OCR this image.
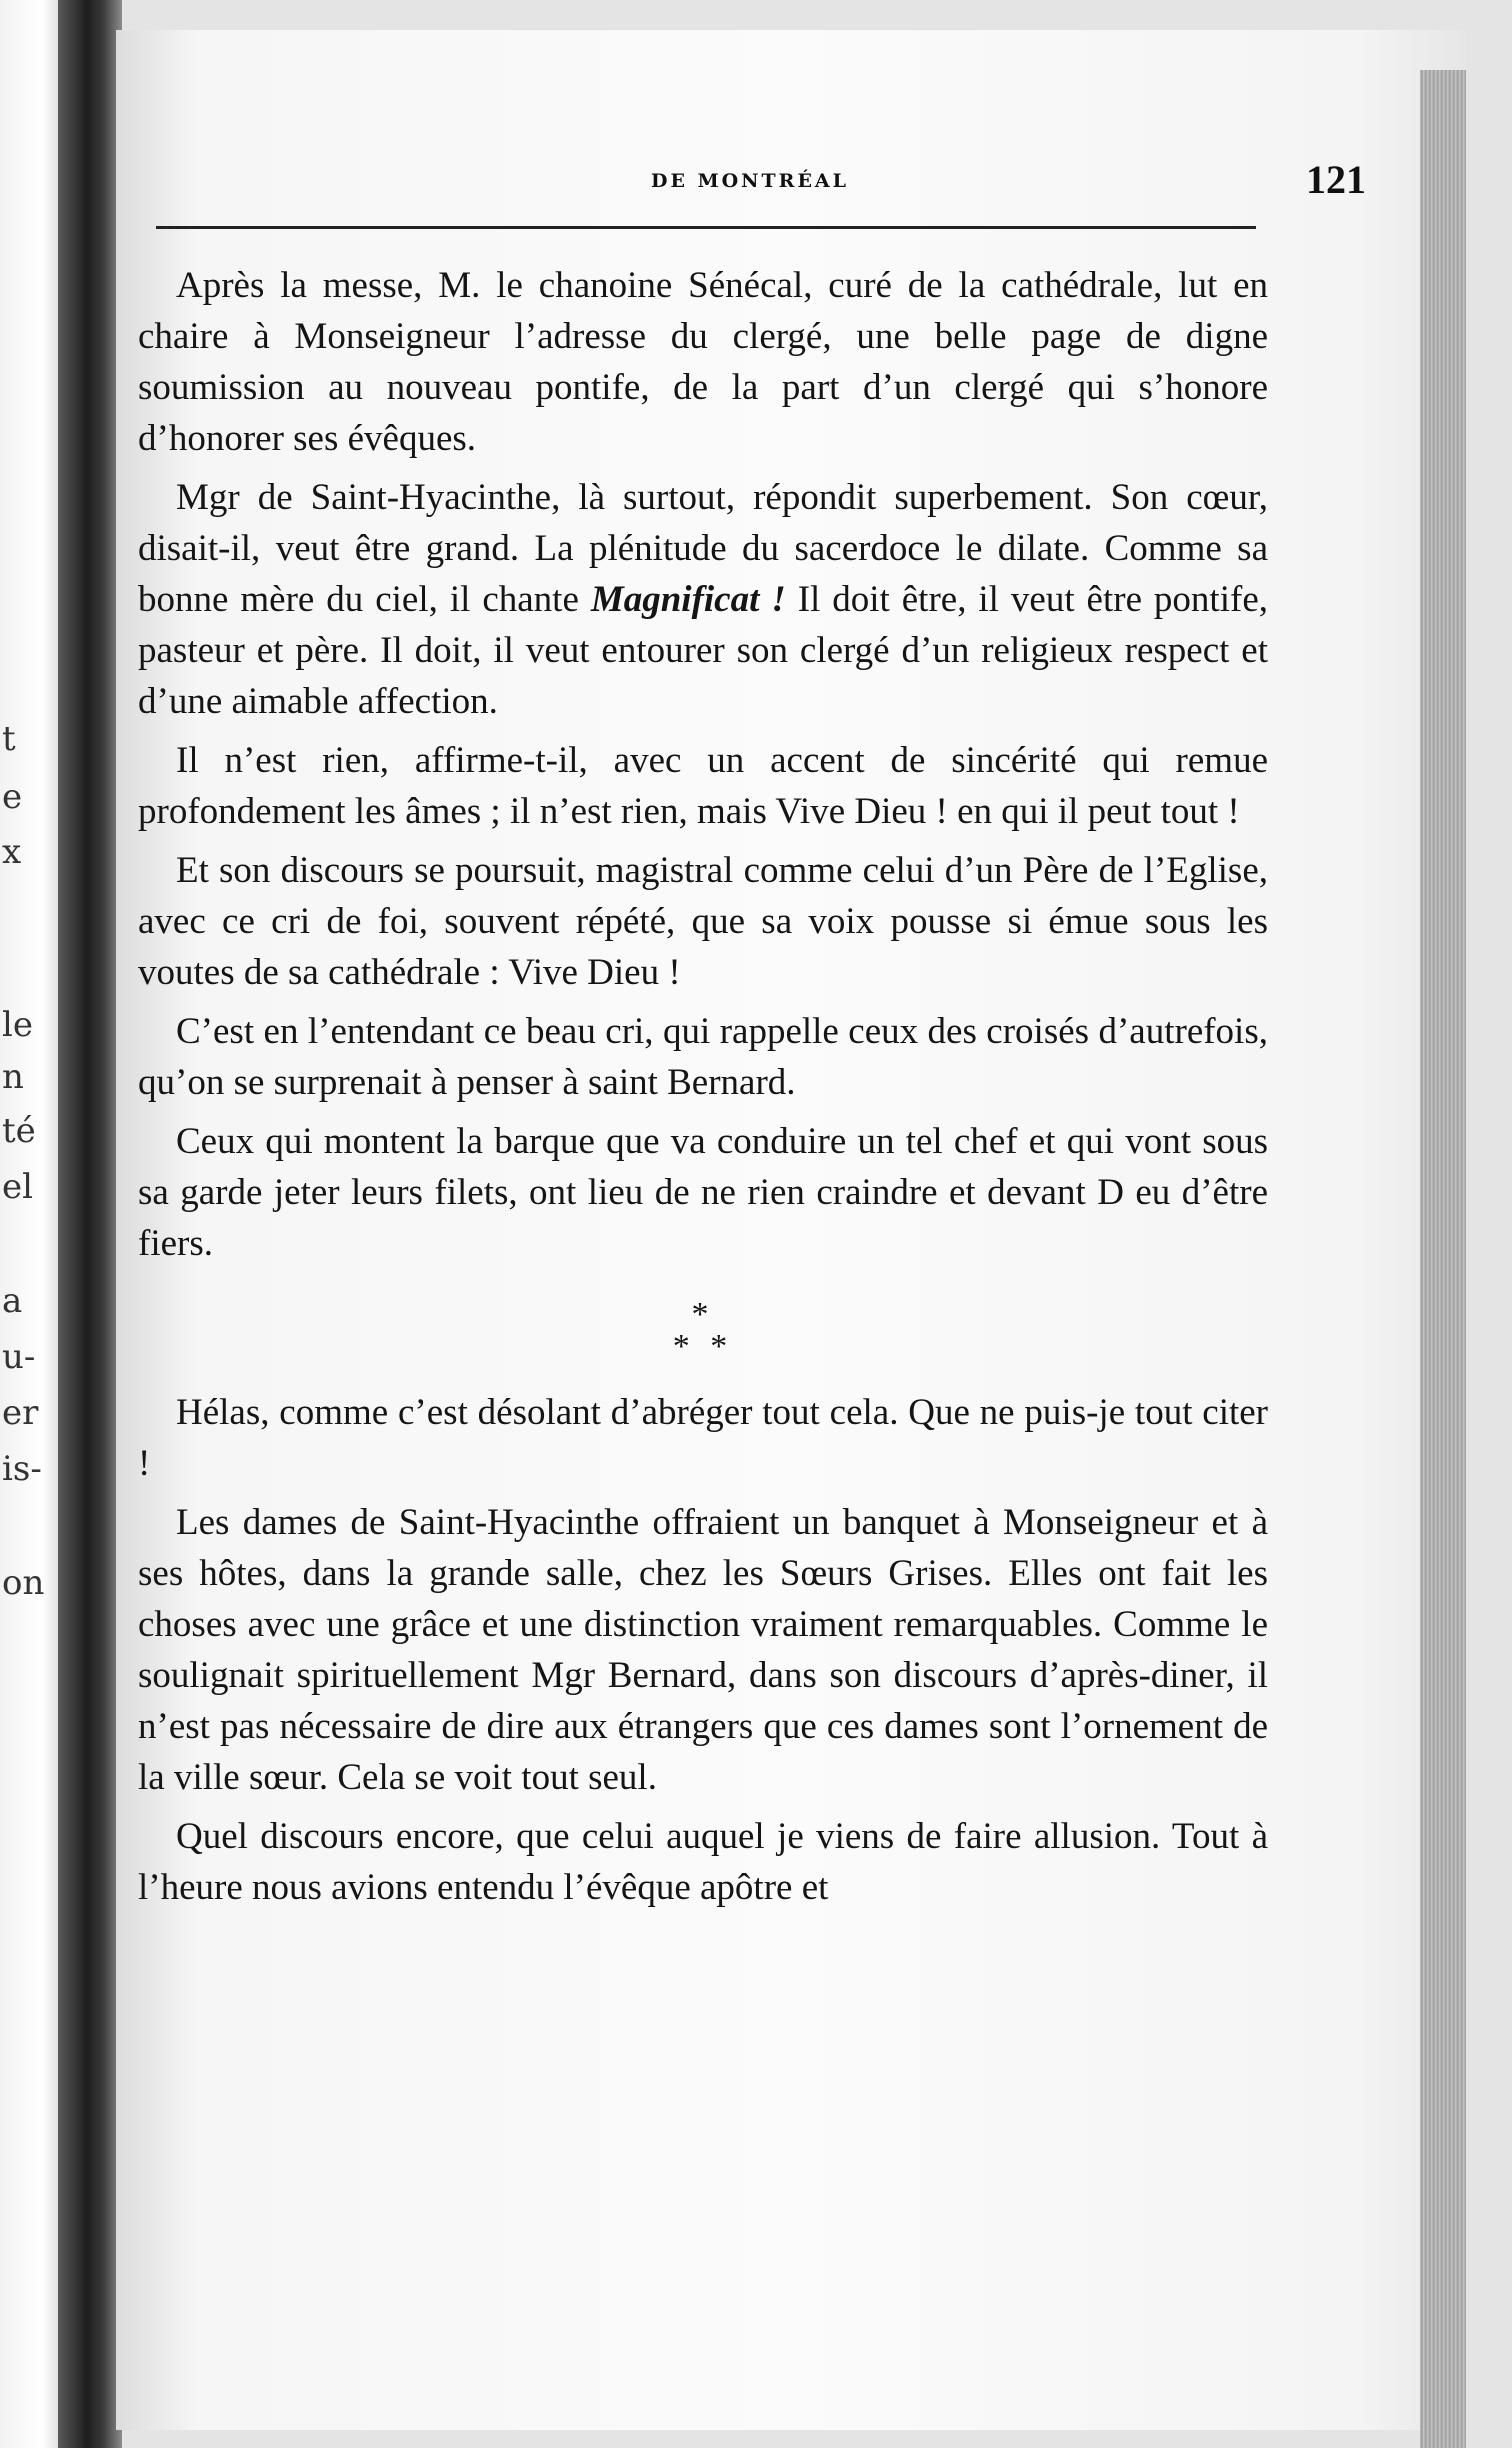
t
e
x
le
n
té
el
a
u-
er
is-
on
DE MONTRÉAL	121

Après la messe, M. le chanoine Sénécal, curé de la cathédrale, lut en chaire à Monseigneur l’adresse du clergé, une belle page de digne soumission au nouveau pontife, de la part d’un clergé qui s’honore d’honorer ses évêques.

Mgr de Saint-Hyacinthe, là surtout, répondit superbement. Son cœur, disait-il, veut être grand. La plénitude du sacerdoce le dilate. Comme sa bonne mère du ciel, il chante Magnificat ! Il doit être, il veut être pontife, pasteur et père. Il doit, il veut entourer son clergé d’un religieux respect et d’une aimable affection.

Il n’est rien, affirme-t-il, avec un accent de sincérité qui remue profondement les âmes ; il n’est rien, mais Vive Dieu ! en qui il peut tout !

Et son discours se poursuit, magistral comme celui d’un Père de l’Eglise, avec ce cri de foi, souvent répété, que sa voix pousse si émue sous les voutes de sa cathédrale : Vive Dieu !

C’est en l’entendant ce beau cri, qui rappelle ceux des croisés d’autrefois, qu’on se surprenait à penser à saint Bernard.

Ceux qui montent la barque que va conduire un tel chef et qui vont sous sa garde jeter leurs filets, ont lieu de ne rien craindre et devant D eu d’être fiers.

*
* *

Hélas, comme c’est désolant d’abréger tout cela. Que ne puis-je tout citer !

Les dames de Saint-Hyacinthe offraient un banquet à Monseigneur et à ses hôtes, dans la grande salle, chez les Sœurs Grises. Elles ont fait les choses avec une grâce et une distinction vraiment remarquables. Comme le soulignait spirituellement Mgr Bernard, dans son discours d’après-diner, il n’est pas nécessaire de dire aux étrangers que ces dames sont l’ornement de la ville sœur. Cela se voit tout seul.

Quel discours encore, que celui auquel je viens de faire allusion. Tout à l’heure nous avions entendu l’évêque apôtre et
